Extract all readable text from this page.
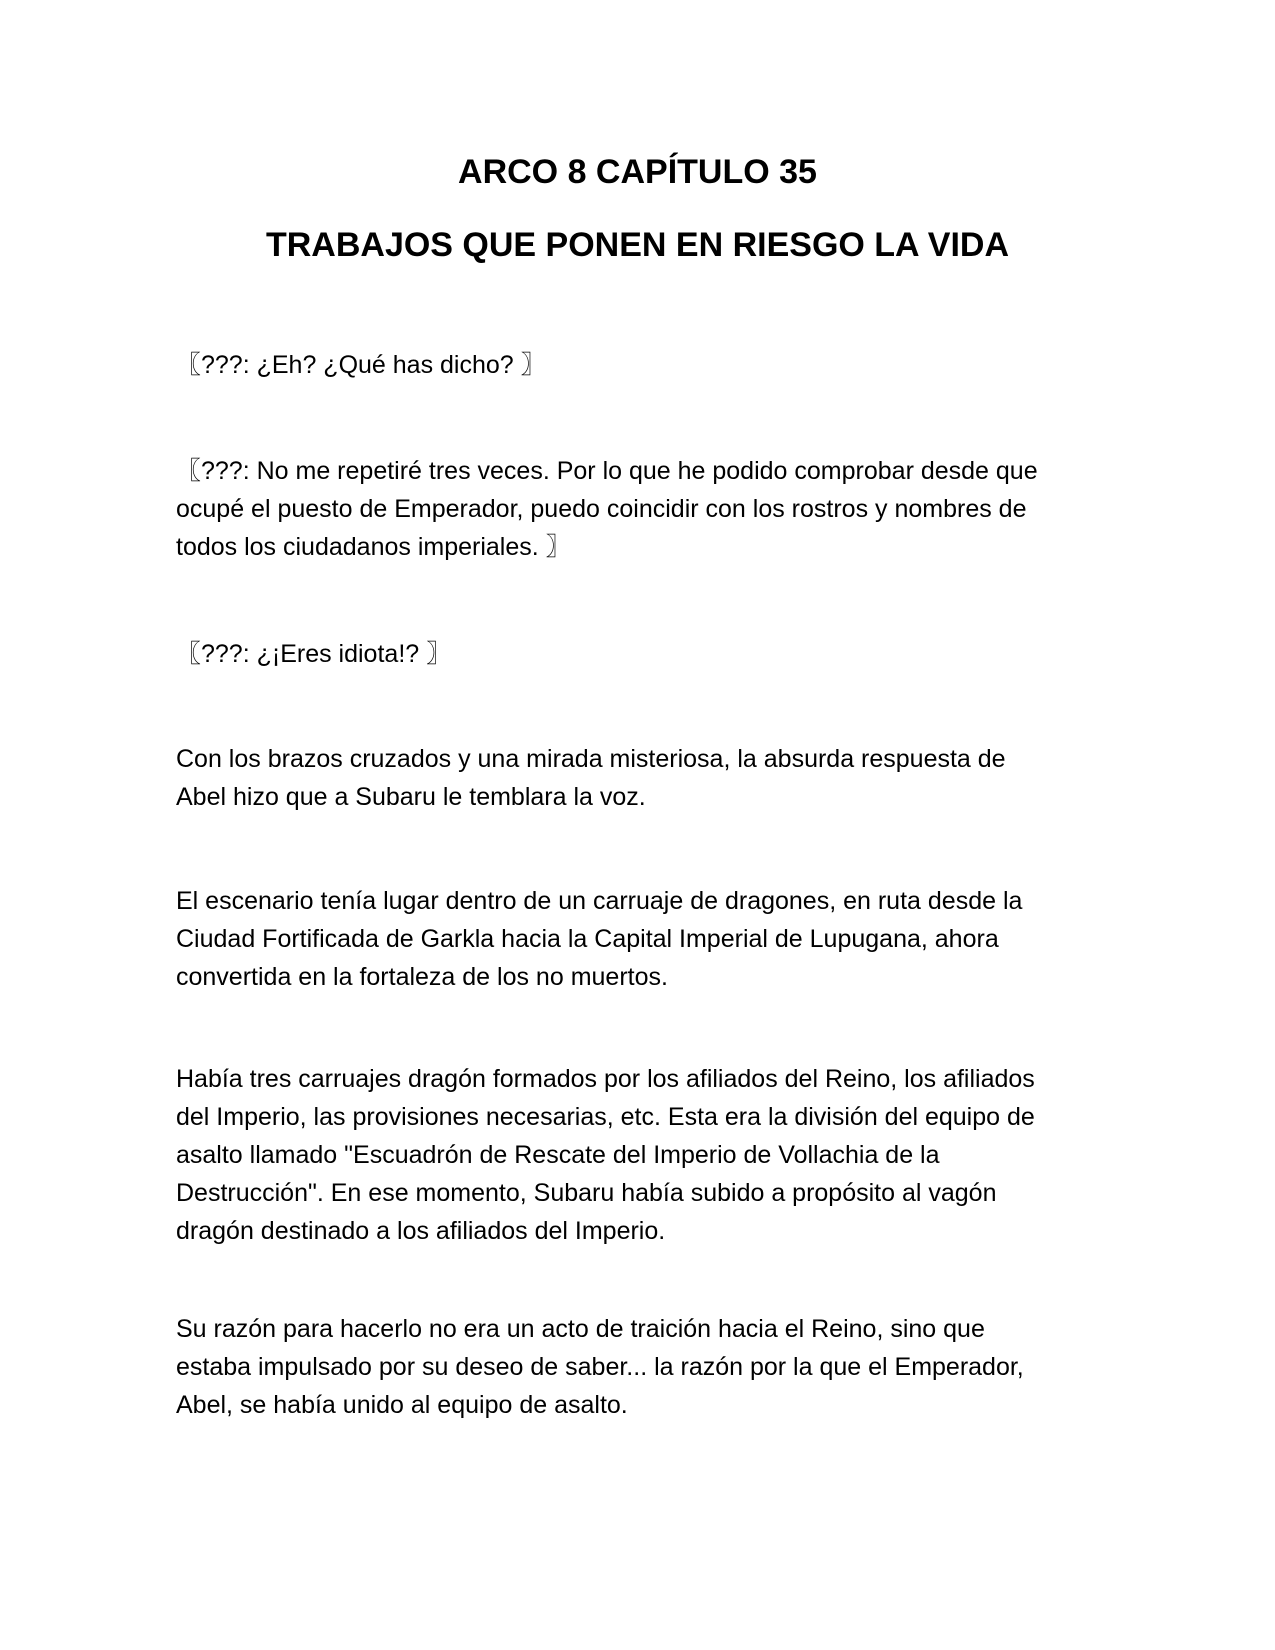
ARCO 8 CAPÍTULO 35
TRABAJOS QUE PONEN EN RIESGO LA VIDA

〖???: ¿Eh? ¿Qué has dicho? 〗

〖???: No me repetiré tres veces. Por lo que he podido comprobar desde que
ocupé el puesto de Emperador, puedo coincidir con los rostros y nombres de
todos los ciudadanos imperiales. 〗

〖???: ¿¡Eres idiota!? 〗

Con los brazos cruzados y una mirada misteriosa, la absurda respuesta de
Abel hizo que a Subaru le temblara la voz.

El escenario tenía lugar dentro de un carruaje de dragones, en ruta desde la
Ciudad Fortificada de Garkla hacia la Capital Imperial de Lupugana, ahora
convertida en la fortaleza de los no muertos.

Había tres carruajes dragón formados por los afiliados del Reino, los afiliados
del Imperio, las provisiones necesarias, etc. Esta era la división del equipo de
asalto llamado "Escuadrón de Rescate del Imperio de Vollachia de la
Destrucción". En ese momento, Subaru había subido a propósito al vagón
dragón destinado a los afiliados del Imperio.

Su razón para hacerlo no era un acto de traición hacia el Reino, sino que
estaba impulsado por su deseo de saber... la razón por la que el Emperador,
Abel, se había unido al equipo de asalto.
